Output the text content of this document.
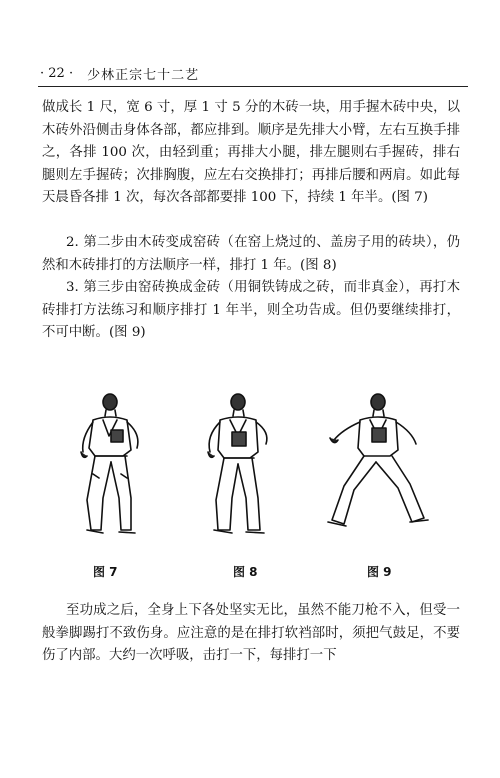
· 22 · 少林正宗七十二艺

做成长 1 尺，宽 6 寸，厚 1 寸 5 分的木砖一块，用手握木砖中央，以木砖外沿侧击身体各部，都应排到。顺序是先排大小臂，左右互换手排之，各排 100 次，由轻到重；再排大小腿，排左腿则右手握砖，排右腿则左手握砖；次排胸腹，应左右交换排打；再排后腰和两肩。如此每天晨昏各排 1 次，每次各部都要排 100 下，持续 1 年半。(图 7)

2. 第二步由木砖变成窑砖（在窑上烧过的、盖房子用的砖块），仍然和木砖排打的方法顺序一样，排打 1 年。(图 8)

3. 第三步由窑砖换成金砖（用铜铁铸成之砖，而非真金），再打木砖排打方法练习和顺序排打 1 年半，则全功告成。但仍要继续排打，不可中断。(图 9)

图 7	图 8	图 9

至功成之后，全身上下各处坚实无比，虽然不能刀枪不入，但受一般拳脚踢打不致伤身。应注意的是在排打软裆部时，须把气鼓足，不要伤了内部。大约一次呼吸，击打一下，每排打一下
